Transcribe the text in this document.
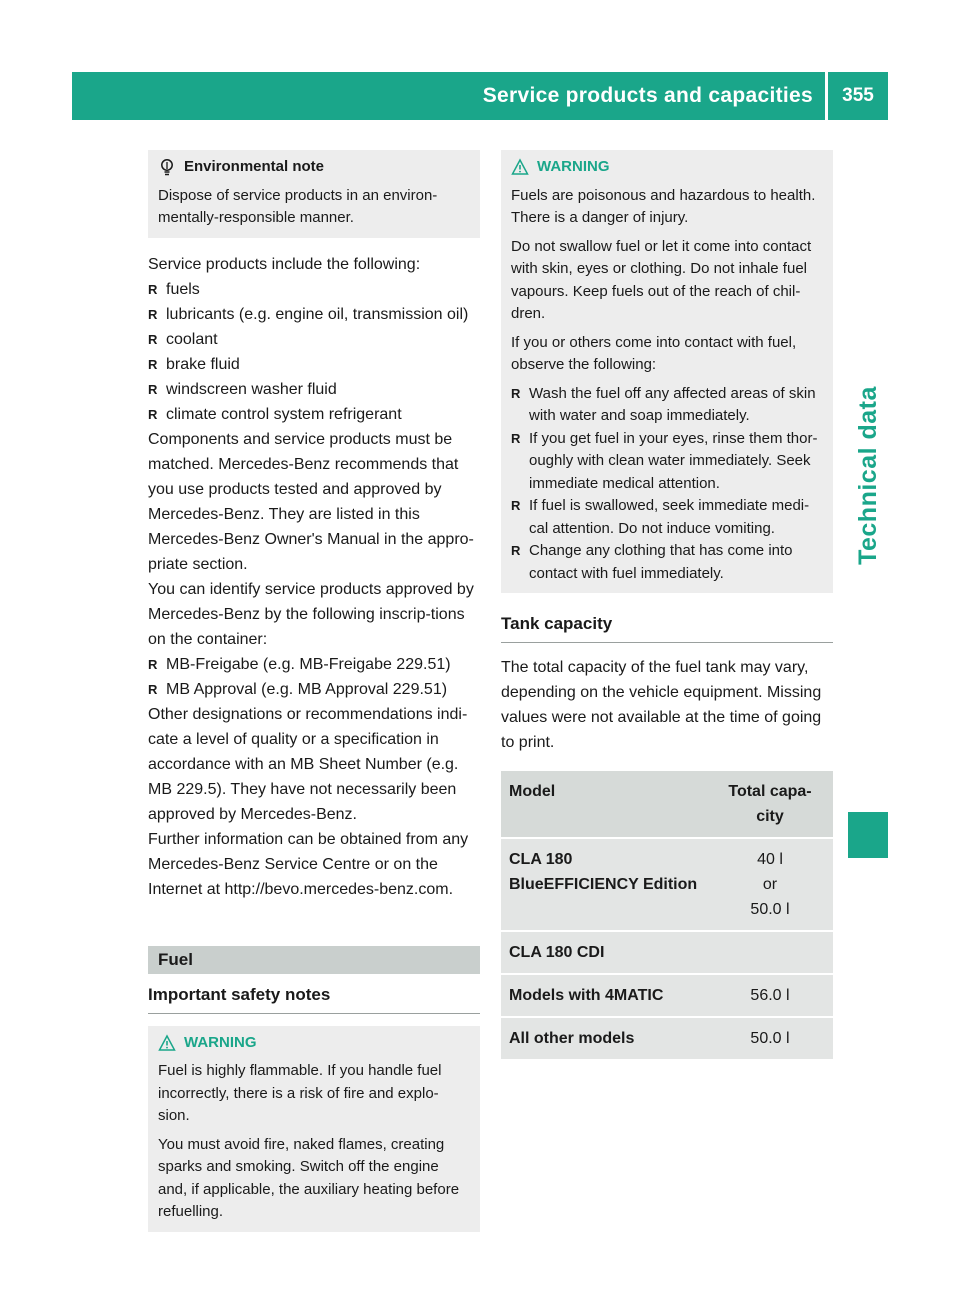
Service products and capacities	355
Technical data
Environmental note

Dispose of service products in an environ-mentally-responsible manner.

Service products include the following:

R fuels
R lubricants (e.g. engine oil, transmission oil)
R coolant
R brake fluid
R windscreen washer fluid
R climate control system refrigerant

Components and service products must be matched. Mercedes-Benz recommends that you use products tested and approved by Mercedes-Benz. They are listed in this Mercedes-Benz Owner's Manual in the appro-priate section.

You can identify service products approved by Mercedes-Benz by the following inscrip-tions on the container:

R MB-Freigabe (e.g. MB-Freigabe 229.51)
R MB Approval (e.g. MB Approval 229.51)

Other designations or recommendations indi-cate a level of quality or a specification in accordance with an MB Sheet Number (e.g. MB 229.5). They have not necessarily been approved by Mercedes-Benz.

Further information can be obtained from any Mercedes-Benz Service Centre or on the Internet at http://bevo.mercedes-benz.com.

Fuel
Important safety notes
WARNING

Fuel is highly flammable. If you handle fuel incorrectly, there is a risk of fire and explo-sion.

You must avoid fire, naked flames, creating sparks and smoking. Switch off the engine and, if applicable, the auxiliary heating before refuelling.

WARNING

Fuels are poisonous and hazardous to health. There is a danger of injury.

Do not swallow fuel or let it come into contact with skin, eyes or clothing. Do not inhale fuel vapours. Keep fuels out of the reach of chil-dren.

If you or others come into contact with fuel, observe the following:

R Wash the fuel off any affected areas of skin with water and soap immediately.
R If you get fuel in your eyes, rinse them thor-oughly with clean water immediately. Seek immediate medical attention.
R If fuel is swallowed, seek immediate medi-cal attention. Do not induce vomiting.
R Change any clothing that has come into contact with fuel immediately.
Tank capacity

The total capacity of the fuel tank may vary, depending on the vehicle equipment. Missing values were not available at the time of going to print.

Model	Total capa-city
CLA 180 BlueEFFICIENCY Edition	40 l
or
50.0 l

CLA 180 CDI	
Models with 4MATIC	56.0 l
All other models	50.0 l
